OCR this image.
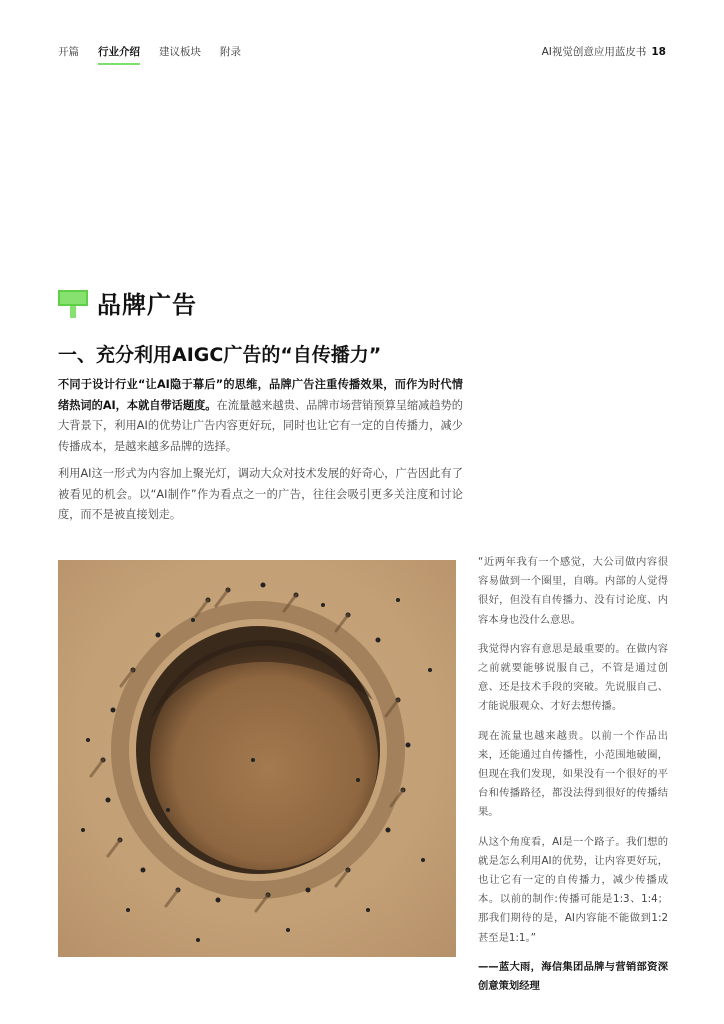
开篇 行业介绍 建议板块 附录	AI视觉创意应用蓝皮书 18
品牌广告
一、充分利用AIGC广告的“自传播力”
不同于设计行业“让AI隐于幕后”的思维，品牌广告注重传播效果，而作为时代情绪热词的AI，本就自带话题度。在流量越来越贵、品牌市场营销预算呈缩减趋势的大背景下，利用AI的优势让广告内容更好玩，同时也让它有一定的自传播力，减少传播成本，是越来越多品牌的选择。
利用AI这一形式为内容加上聚光灯，调动大众对技术发展的好奇心，广告因此有了被看见的机会。以“AI制作”作为看点之一的广告，往往会吸引更多关注度和讨论度，而不是被直接划走。

“近两年我有一个感觉，大公司做内容很容易做到一个圈里，自嗨。内部的人觉得很好，但没有自传播力、没有讨论度、内容本身也没什么意思。

我觉得内容有意思是最重要的。在做内容之前就要能够说服自己，不管是通过创意、还是技术手段的突破。先说服自己、才能说服观众、才好去想传播。

现在流量也越来越贵。以前一个作品出来，还能通过自传播性，小范围地破圈，但现在我们发现，如果没有一个很好的平台和传播路径，都没法得到很好的传播结果。

从这个角度看，AI是一个路子。我们想的就是怎么利用AI的优势，让内容更好玩，也让它有一定的自传播力，减少传播成本。以前的制作:传播可能是1:3、1:4；那我们期待的是，AI内容能不能做到1:2甚至是1:1。”

——蓝大雨，海信集团品牌与营销部资深创意策划经理
